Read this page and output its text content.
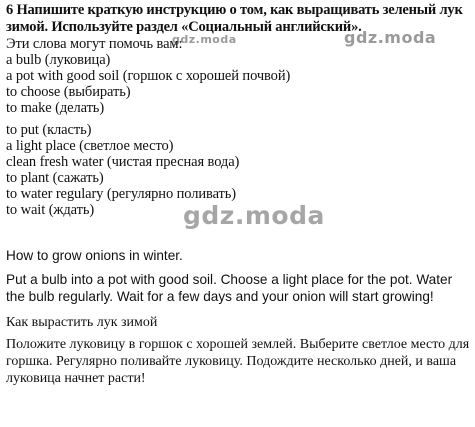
6 Напишите краткую инструкцию о том, как выращивать зеленый лук
зимой. Используйте раздел «Социальный английский».
gdz.moda	gdz.moda
gdz.moda
Эти слова могут помочь вам:
a bulb (луковица)
a pot with good soil (горшок с хорошей почвой)
to choose (выбирать)
to make (делать)
to put (класть)
a light place (светлое место)
clean fresh water (чистая пресная вода)
to plant (сажать)
to water regulary (регулярно поливать)
to wait (ждать)
How to grow onions in winter.
Put a bulb into a pot with good soil. Choose a light place for the pot. Water the bulb regularly. Wait for a few days and your onion will start growing!
Как вырастить лук зимой
Положите луковицу в горшок с хорошей землей. Выберите светлое место для горшка. Регулярно поливайте луковицу. Подождите несколько дней, и ваша луковица начнет расти!
